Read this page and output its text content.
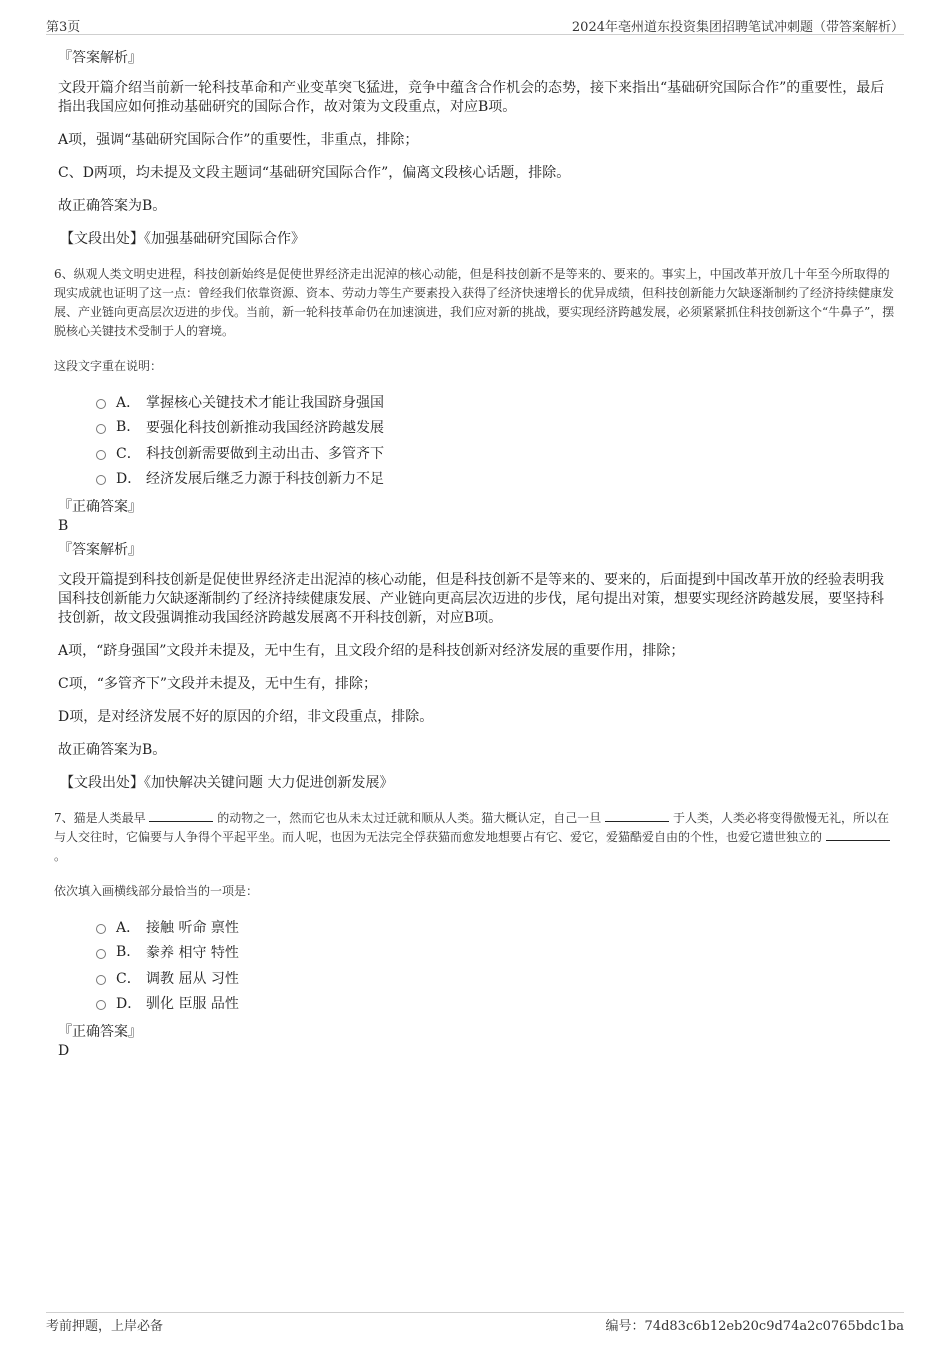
第3页	2024年亳州道东投资集团招聘笔试冲刺题（带答案解析）
『答案解析』
文段开篇介绍当前新一轮科技革命和产业变革突飞猛进，竞争中蕴含合作机会的态势，接下来指出“基础研究国际合作”的重要性，最后指出我国应如何推动基础研究的国际合作，故对策为文段重点，对应B项。
A项，强调“基础研究国际合作”的重要性，非重点，排除；
C、D两项，均未提及文段主题词“基础研究国际合作”，偏离文段核心话题，排除。
故正确答案为B。
【文段出处】《加强基础研究国际合作》
6、纵观人类文明史进程，科技创新始终是促使世界经济走出泥淖的核心动能，但是科技创新不是等来的、要来的。事实上，中国改革开放几十年至今所取得的现实成就也证明了这一点：曾经我们依靠资源、资本、劳动力等生产要素投入获得了经济快速增长的优异成绩，但科技创新能力欠缺逐渐制约了经济持续健康发展、产业链向更高层次迈进的步伐。当前，新一轮科技革命仍在加速演进，我们应对新的挑战，要实现经济跨越发展，必须紧紧抓住科技创新这个“牛鼻子”，摆脱核心关键技术受制于人的窘境。
这段文字重在说明：
A． 掌握核心关键技术才能让我国跻身强国
B.	要强化科技创新推动我国经济跨越发展
C． 科技创新需要做到主动出击、多管齐下
D． 经济发展后继乏力源于科技创新力不足
『正确答案』
B
『答案解析』
文段开篇提到科技创新是促使世界经济走出泥淖的核心动能，但是科技创新不是等来的、要来的，后面提到中国改革开放的经验表明我国科技创新能力欠缺逐渐制约了经济持续健康发展、产业链向更高层次迈进的步伐，尾句提出对策，想要实现经济跨越发展，要坚持科技创新，故文段强调推动我国经济跨越发展离不开科技创新，对应B项。
A项，“跻身强国”文段并未提及，无中生有，且文段介绍的是科技创新对经济发展的重要作用，排除；
C项，“多管齐下”文段并未提及，无中生有，排除；
D项，是对经济发展不好的原因的介绍，非文段重点，排除。
故正确答案为B。
【文段出处】《加快解决关键问题 大力促进创新发展》
7、猫是人类最早	的动物之一，然而它也从未太过迁就和顺从人类。猫大概认定，自己一旦	于人类，人类必将变得傲慢无礼，所以在与人交往时，它偏要与人争得个平起平坐。而人呢，也因为无法完全俘获猫而愈发地想要占有它、爱它，爱猫酷爱自由的个性，也爱它遗世独立的  。
依次填入画横线部分最恰当的一项是：
A． 接触 听命 禀性
B.	豢养 相守 特性
C． 调教 屈从 习性
D． 驯化 臣服 品性
『正确答案』
D
考前押题，上岸必备	编号：74d83c6b12eb20c9d74a2c0765bdc1ba
